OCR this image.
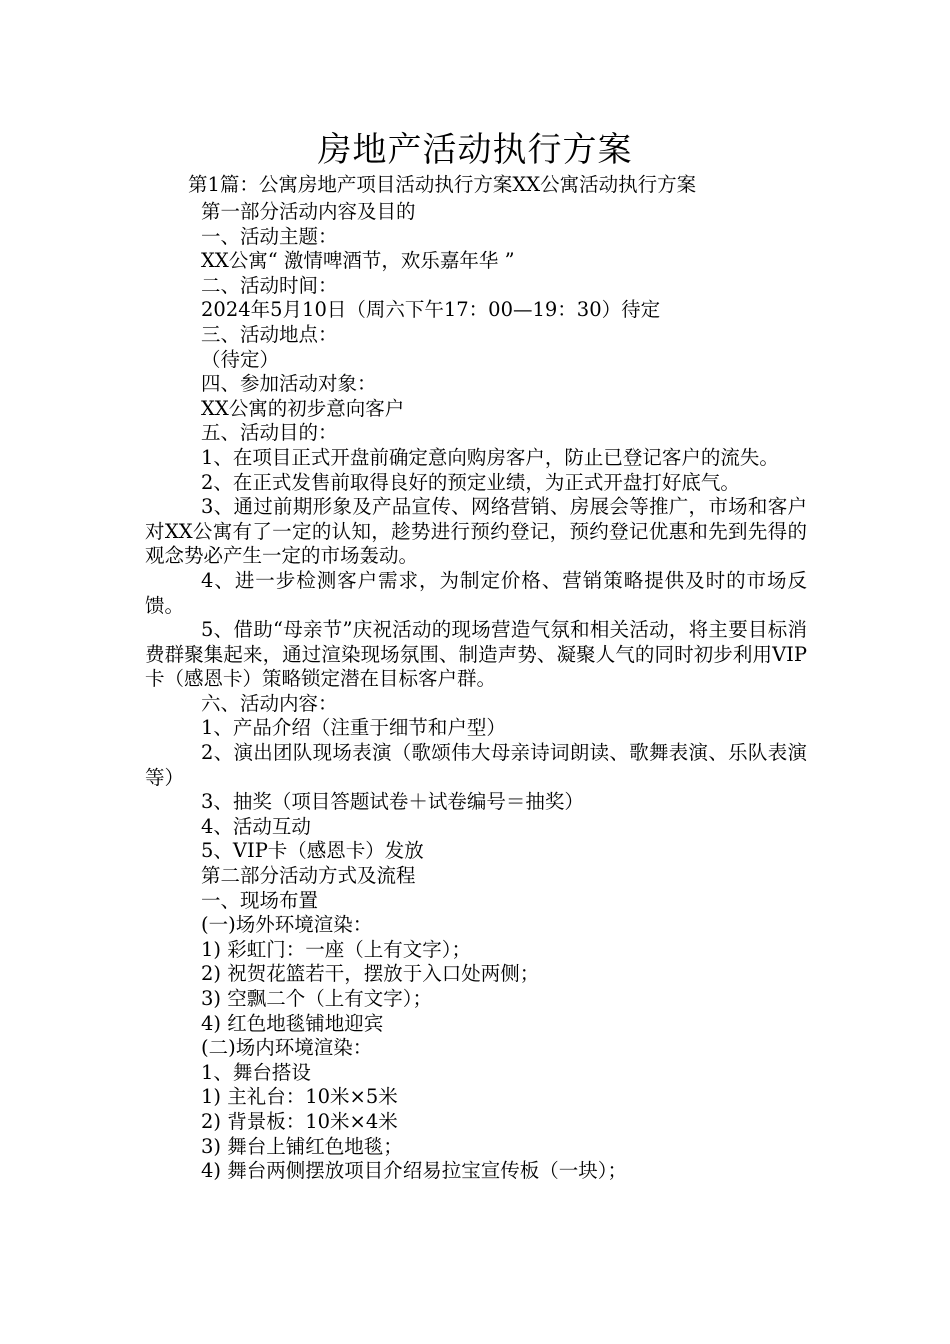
房地产活动执行方案
第1篇：公寓房地产项目活动执行方案XX公寓活动执行方案

第一部分活动内容及目的

一、活动主题：

XX公寓“ 激情啤酒节，欢乐嘉年华 ”

二、活动时间：

2024年5月10日（周六下午17：00—19：30）待定

三、活动地点：

（待定）

四、参加活动对象：

XX公寓的初步意向客户

五、活动目的：

1、在项目正式开盘前确定意向购房客户，防止已登记客户的流失。

2、在正式发售前取得良好的预定业绩，为正式开盘打好底气。

3、通过前期形象及产品宣传、网络营销、房展会等推广，市场和客户对XX公寓有了一定的认知，趁势进行预约登记，预约登记优惠和先到先得的观念势必产生一定的市场轰动。

4、进一步检测客户需求，为制定价格、营销策略提供及时的市场反馈。

5、借助“母亲节”庆祝活动的现场营造气氛和相关活动，将主要目标消费群聚集起来，通过渲染现场氛围、制造声势、凝聚人气的同时初步利用VIP卡（感恩卡）策略锁定潜在目标客户群。

六、活动内容：

1、产品介绍（注重于细节和户型）

2、演出团队现场表演（歌颂伟大母亲诗词朗读、歌舞表演、乐队表演等）

3、抽奖（项目答题试卷＋试卷编号＝抽奖）

4、活动互动

5、VIP卡（感恩卡）发放

第二部分活动方式及流程

一、现场布置

(一)场外环境渲染：

1) 彩虹门：一座（上有文字）；

2) 祝贺花篮若干，摆放于入口处两侧；

3) 空飘二个（上有文字）；

4) 红色地毯铺地迎宾

(二)场内环境渲染：

1、舞台搭设

1) 主礼台：10米×5米

2) 背景板：10米×4米

3) 舞台上铺红色地毯；

4) 舞台两侧摆放项目介绍易拉宝宣传板（一块）；
